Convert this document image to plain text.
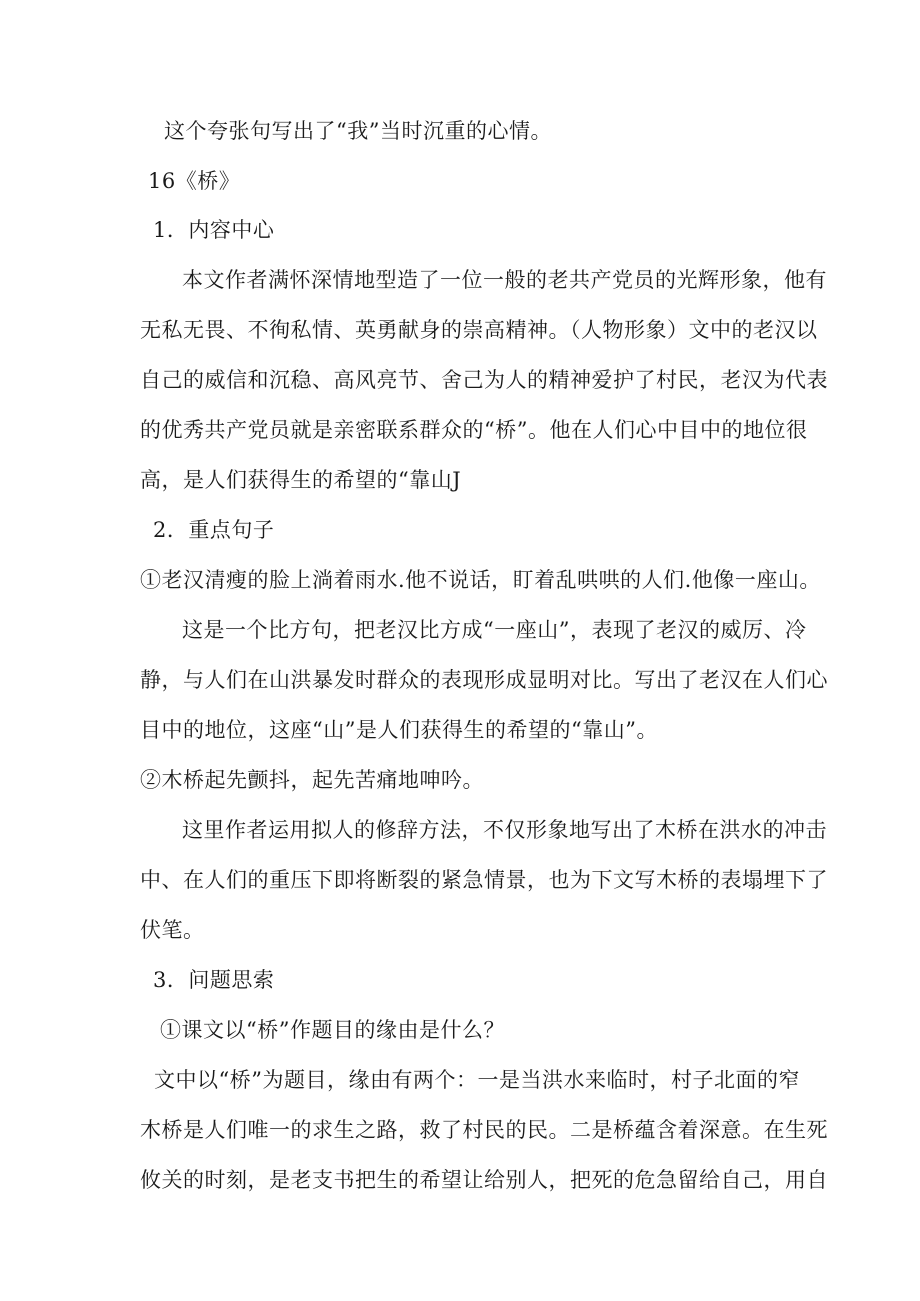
这个夸张句写出了“我”当时沉重的心情。
16《桥》
1．内容中心
本文作者满怀深情地型造了一位一般的老共产党员的光辉形象，他有
无私无畏、不徇私情、英勇献身的崇高精神。（人物形象）文中的老汉以
自己的威信和沉稳、高风亮节、舍己为人的精神爱护了村民，老汉为代表
的优秀共产党员就是亲密联系群众的“桥”。他在人们心中目中的地位很
高，是人们获得生的希望的“靠山J
2．重点句子
①老汉清瘦的脸上淌着雨水.他不说话，盯着乱哄哄的人们.他像一座山。
这是一个比方句，把老汉比方成“一座山”，表现了老汉的威厉、冷
静，与人们在山洪暴发时群众的表现形成显明对比。写出了老汉在人们心
目中的地位，这座“山”是人们获得生的希望的“靠山”。
②木桥起先颤抖，起先苦痛地呻吟。
这里作者运用拟人的修辞方法，不仅形象地写出了木桥在洪水的冲击
中、在人们的重压下即将断裂的紧急情景，也为下文写木桥的表塌埋下了
伏笔。
3．问题思索
①课文以“桥”作题目的缘由是什么？
文中以“桥”为题目，缘由有两个：一是当洪水来临时，村子北面的窄
木桥是人们唯一的求生之路，救了村民的民。二是桥蕴含着深意。在生死
攸关的时刻，是老支书把生的希望让给别人，把死的危急留给自己，用自
